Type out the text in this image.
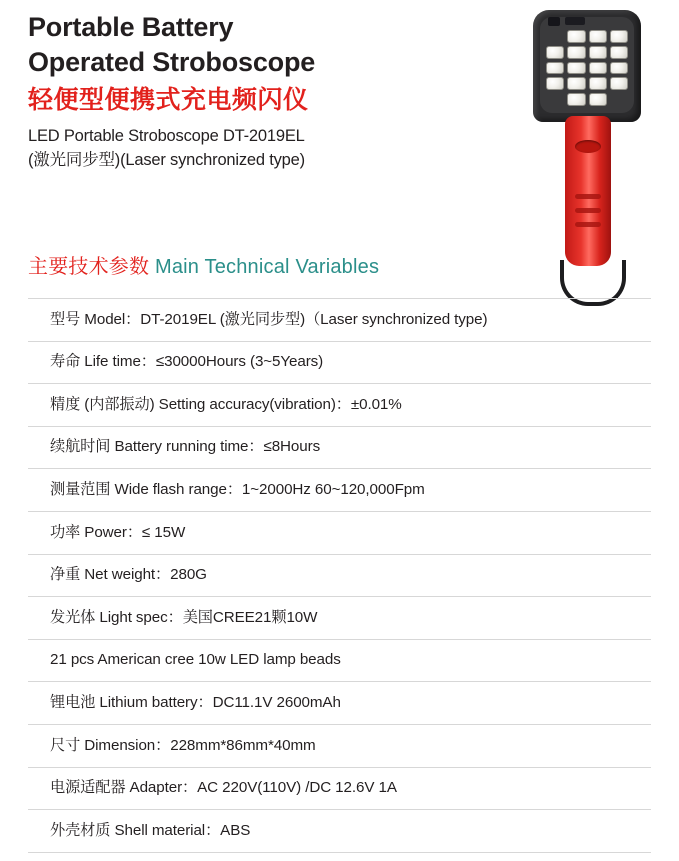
Portable Battery
Operated Stroboscope
轻便型便携式充电频闪仪
LED Portable Stroboscope DT-2019EL
(激光同步型)(Laser synchronized type)
主要技术参数 Main Technical Variables
型号 Model：DT-2019EL (激光同步型)（Laser synchronized type)
寿命 Life time：≤30000Hours (3~5Years)
精度 (内部振动) Setting accuracy(vibration)：±0.01%
续航时间 Battery running time：≤8Hours
测量范围 Wide flash range：1~2000Hz 60~120,000Fpm
功率 Power：≤ 15W
净重 Net weight：280G
发光体 Light spec：美国CREE21颗10W
21 pcs American cree 10w LED lamp beads
锂电池 Lithium battery：DC11.1V 2600mAh
尺寸 Dimension：228mm*86mm*40mm
电源适配器 Adapter：AC 220V(110V) /DC 12.6V 1A
外壳材质 Shell material：ABS
